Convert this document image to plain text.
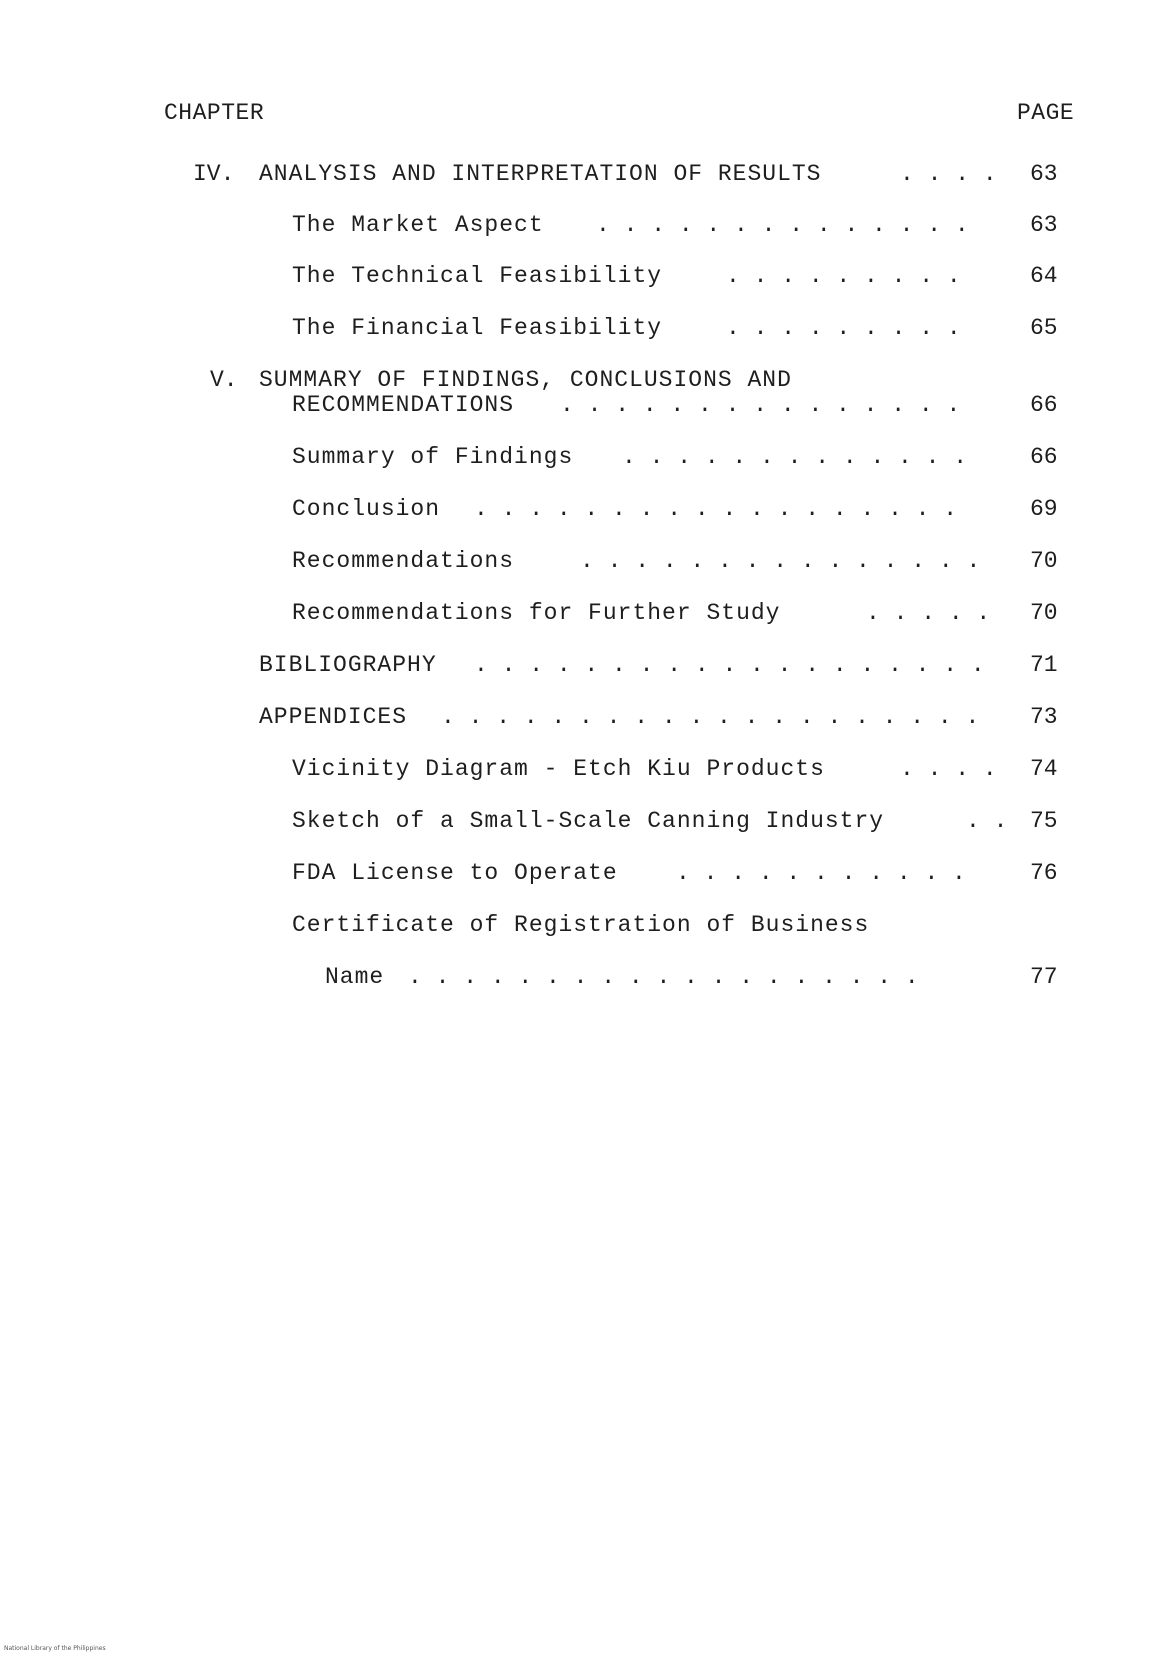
CHAPTER	PAGE
IV. ANALYSIS AND INTERPRETATION OF RESULTS	. . . . 63
The Market Aspect . . . . . . . . . . . . . .	63
The Technical Feasibility	. . . . . . . . .	64
The Financial Feasibility	. . . . . . . . .	65
V. SUMMARY OF FINDINGS, CONCLUSIONS AND
RECOMMENDATIONS . . . . . . . . . . . . . . .	66
Summary of Findings . . . . . . . . . . . . .	66
Conclusion . . . . . . . . . . . . . . . . . .	69
Recommendations	. . . . . . . . . . . . . . . 70
Recommendations for Further Study	. . . . . 70
BIBLIOGRAPHY . . . . . . . . . . . . . . . . . . . 71
APPENDICES . . . . . . . . . . . . . . . . . . . . 73
Vicinity Diagram - Etch Kiu Products	. . . . 74
Sketch of a Small-Scale Canning Industry	. . 75
FDA License to Operate	. . . . . . . . . . .	76
Certificate of Registration of Business
Name . . . . . . . . . . . . . . . . . . .	77
National Library of the Philippines
